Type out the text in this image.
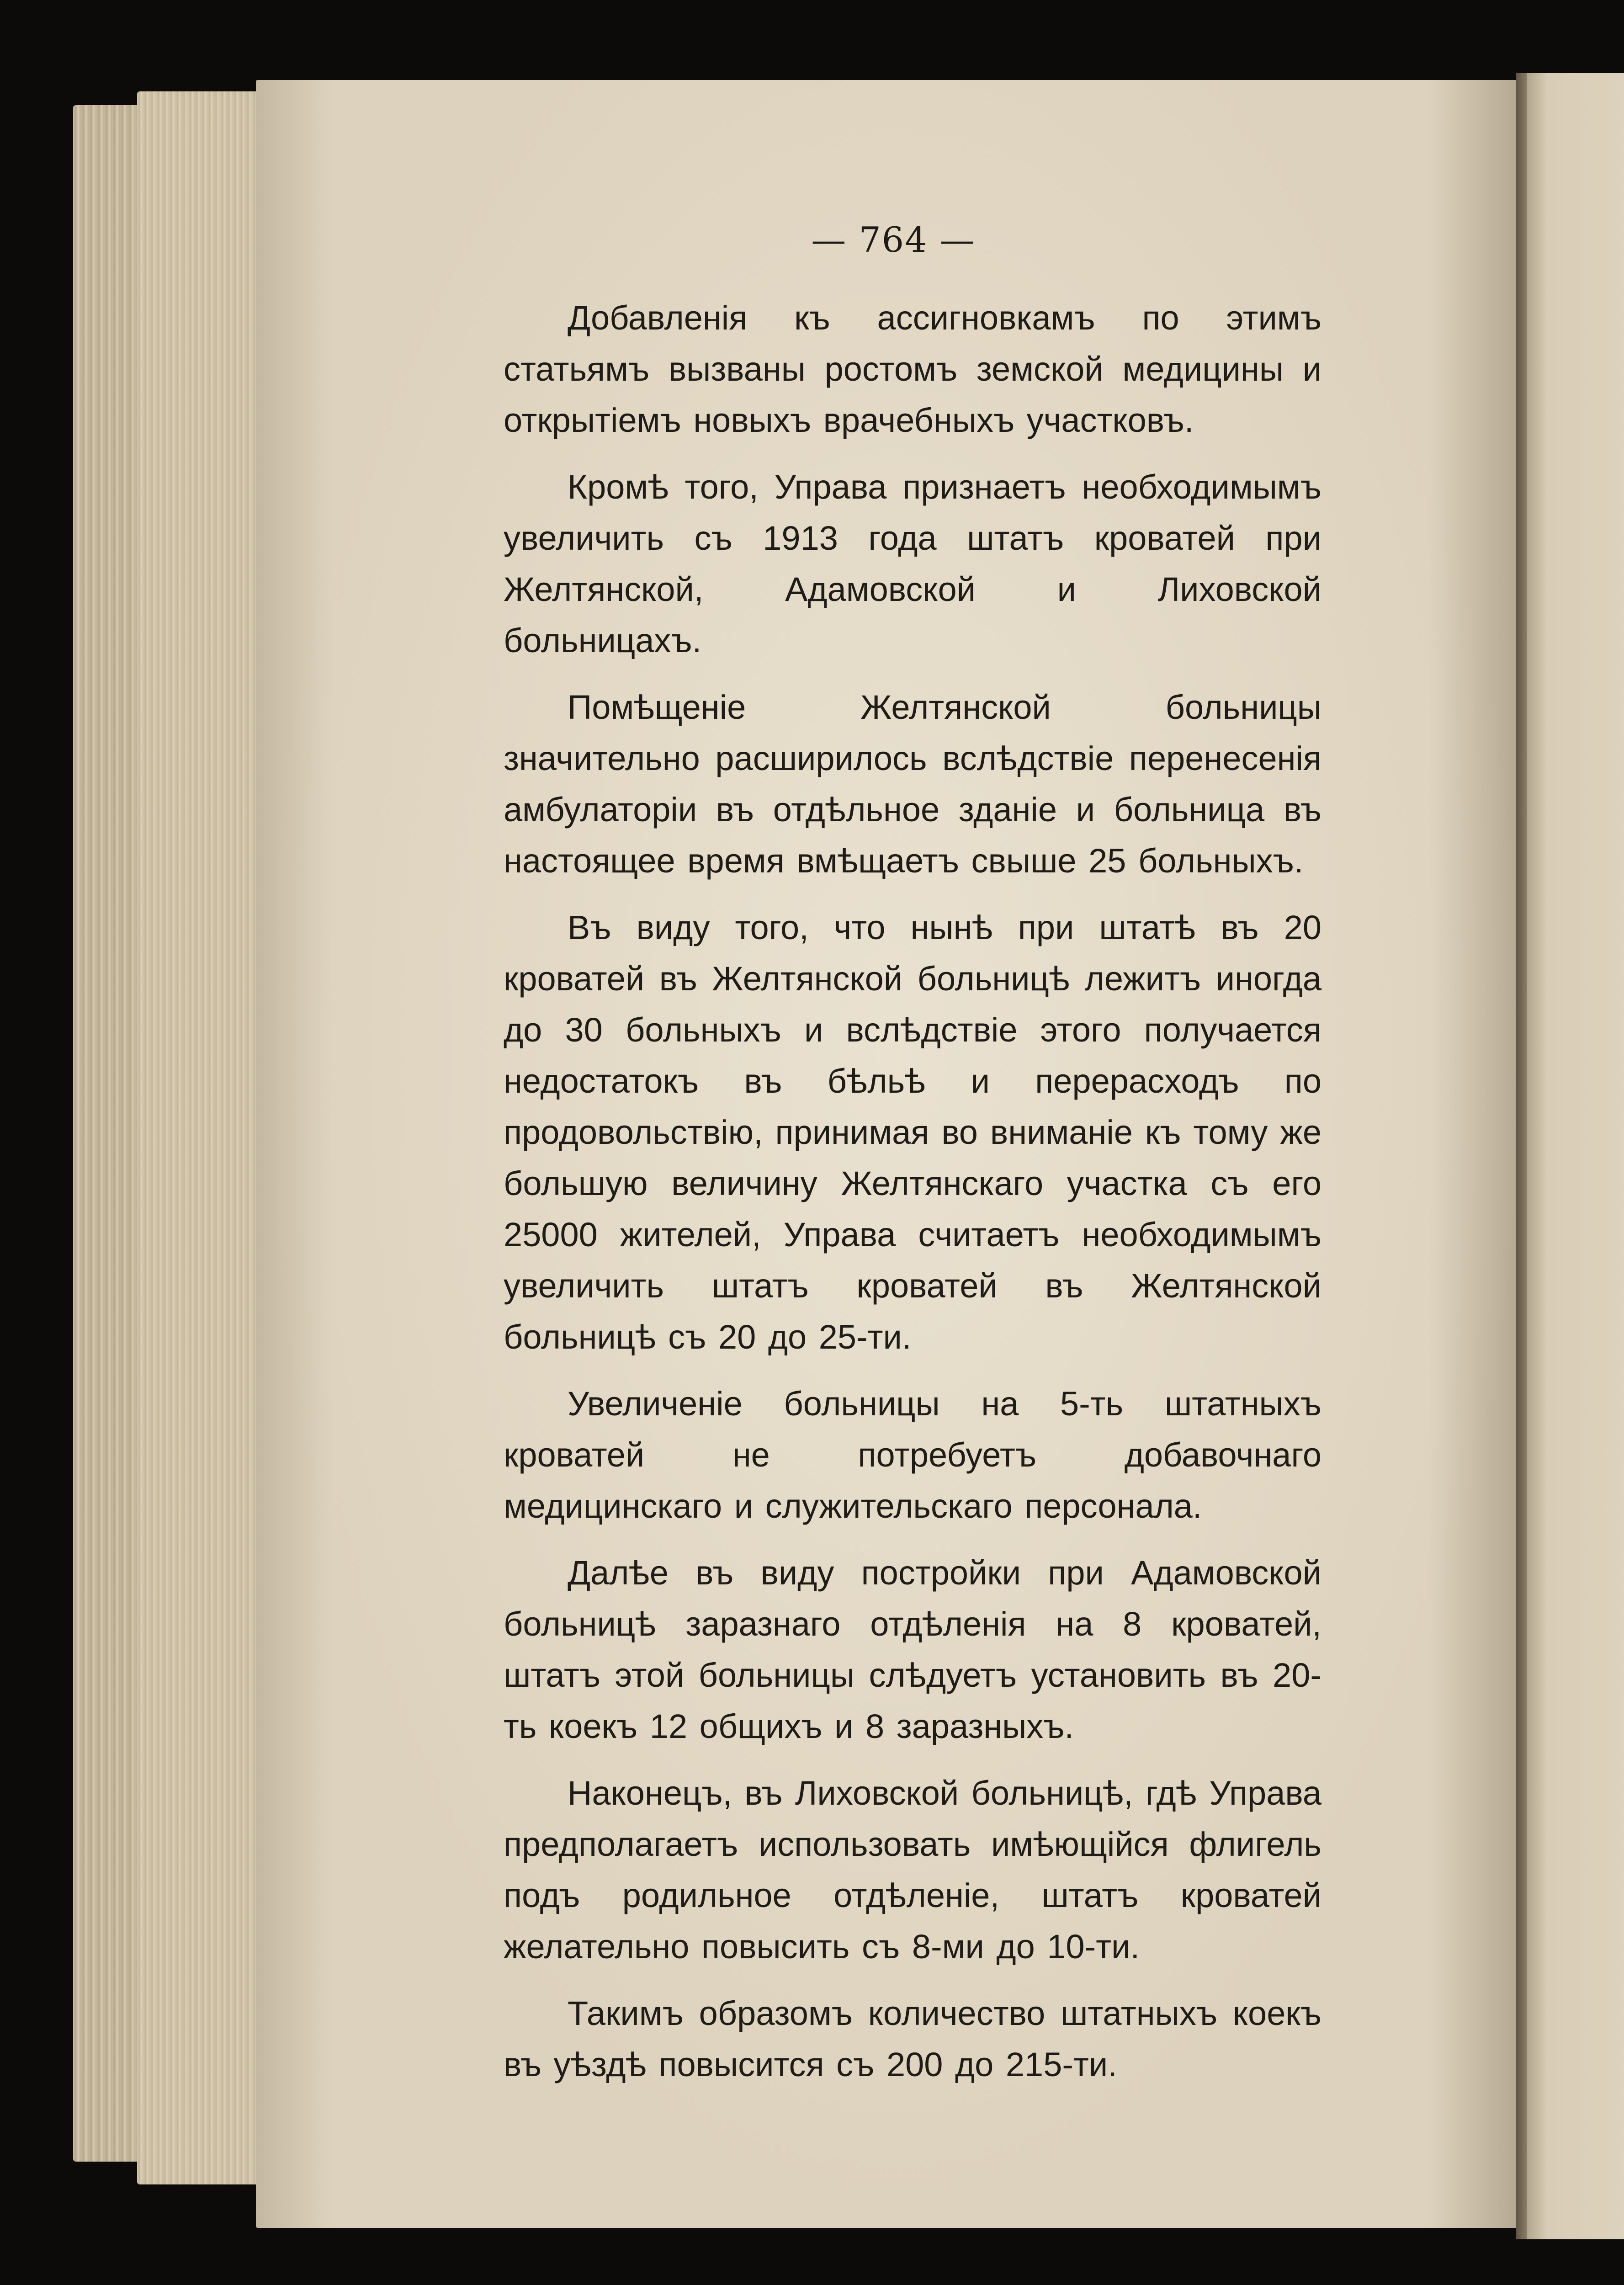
— 764 —

Добавленія къ ассигновкамъ по этимъ статьямъ вызваны ростомъ земской медицины и открытіемъ новыхъ врачебныхъ участковъ.

Кромѣ того, Управа признаетъ необходимымъ увеличить съ 1913 года штатъ кроватей при Желтянской, Адамовской и Лиховской больницахъ.

Помѣщеніе Желтянской больницы значительно расширилось вслѣдствіе перенесенія амбулаторіи въ отдѣльное зданіе и больница въ настоящее время вмѣщаетъ свыше 25 больныхъ.

Въ виду того, что нынѣ при штатѣ въ 20 кроватей въ Желтянской больницѣ лежитъ иногда до 30 больныхъ и вслѣдствіе этого получается недостатокъ въ бѣльѣ и перерасходъ по продовольствію, принимая во вниманіе къ тому же большую величину Желтянскаго участка съ его 25000 жителей, Управа считаетъ необходимымъ увеличить штатъ кроватей въ Желтянской больницѣ съ 20 до 25-ти.

Увеличеніе больницы на 5-ть штатныхъ кроватей не потребуетъ добавочнаго медицинскаго и служительскаго персонала.

Далѣе въ виду постройки при Адамовской больницѣ заразнаго отдѣленія на 8 кроватей, штатъ этой больницы слѣдуетъ установить въ 20-ть коекъ 12 общихъ и 8 заразныхъ.

Наконецъ, въ Лиховской больницѣ, гдѣ Управа предполагаетъ использовать имѣющійся флигель подъ родильное отдѣленіе, штатъ кроватей желательно повысить съ 8-ми до 10-ти.

Такимъ образомъ количество штатныхъ коекъ въ уѣздѣ повысится съ 200 до 215-ти.
